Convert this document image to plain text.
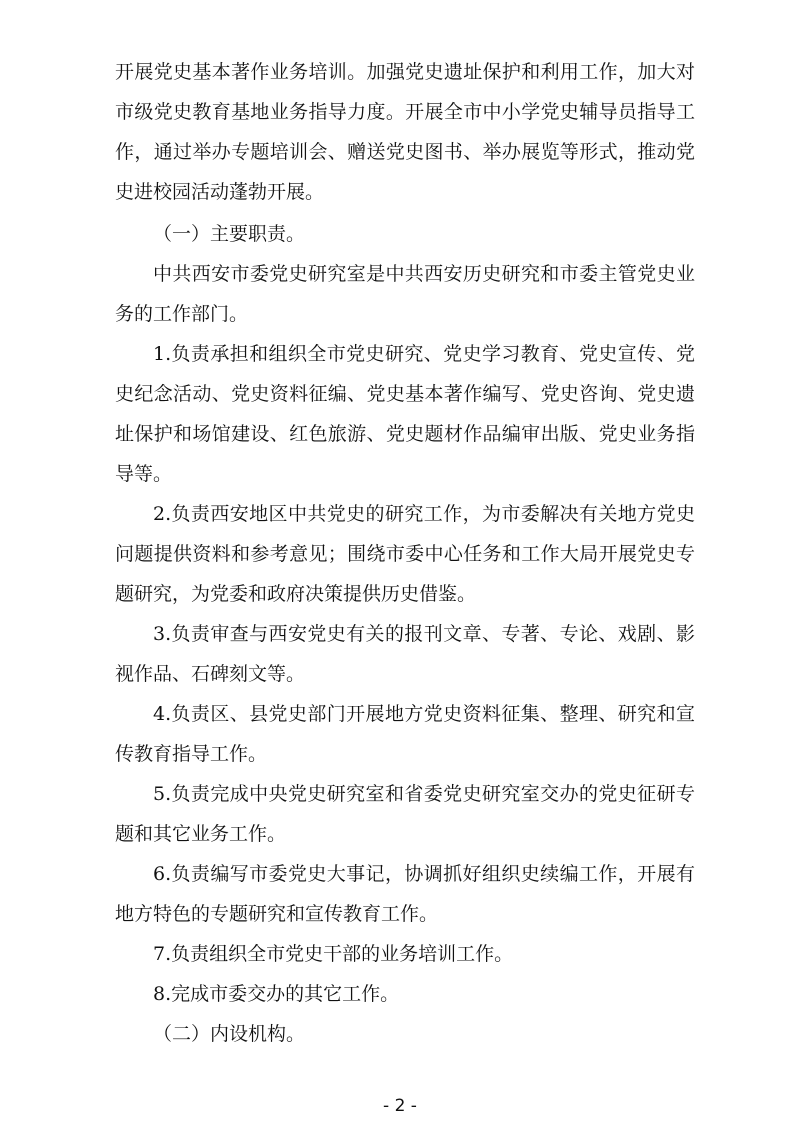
开展党史基本著作业务培训。加强党史遗址保护和利用工作，加大对市级党史教育基地业务指导力度。开展全市中小学党史辅导员指导工作，通过举办专题培训会、赠送党史图书、举办展览等形式，推动党史进校园活动蓬勃开展。

（一）主要职责。

中共西安市委党史研究室是中共西安历史研究和市委主管党史业务的工作部门。

1.负责承担和组织全市党史研究、党史学习教育、党史宣传、党史纪念活动、党史资料征编、党史基本著作编写、党史咨询、党史遗址保护和场馆建设、红色旅游、党史题材作品编审出版、党史业务指导等。

2.负责西安地区中共党史的研究工作，为市委解决有关地方党史问题提供资料和参考意见；围绕市委中心任务和工作大局开展党史专题研究，为党委和政府决策提供历史借鉴。

3.负责审查与西安党史有关的报刊文章、专著、专论、戏剧、影视作品、石碑刻文等。

4.负责区、县党史部门开展地方党史资料征集、整理、研究和宣传教育指导工作。

5.负责完成中央党史研究室和省委党史研究室交办的党史征研专题和其它业务工作。

6.负责编写市委党史大事记，协调抓好组织史续编工作，开展有地方特色的专题研究和宣传教育工作。

7.负责组织全市党史干部的业务培训工作。

8.完成市委交办的其它工作。

（二）内设机构。

- 2 -
